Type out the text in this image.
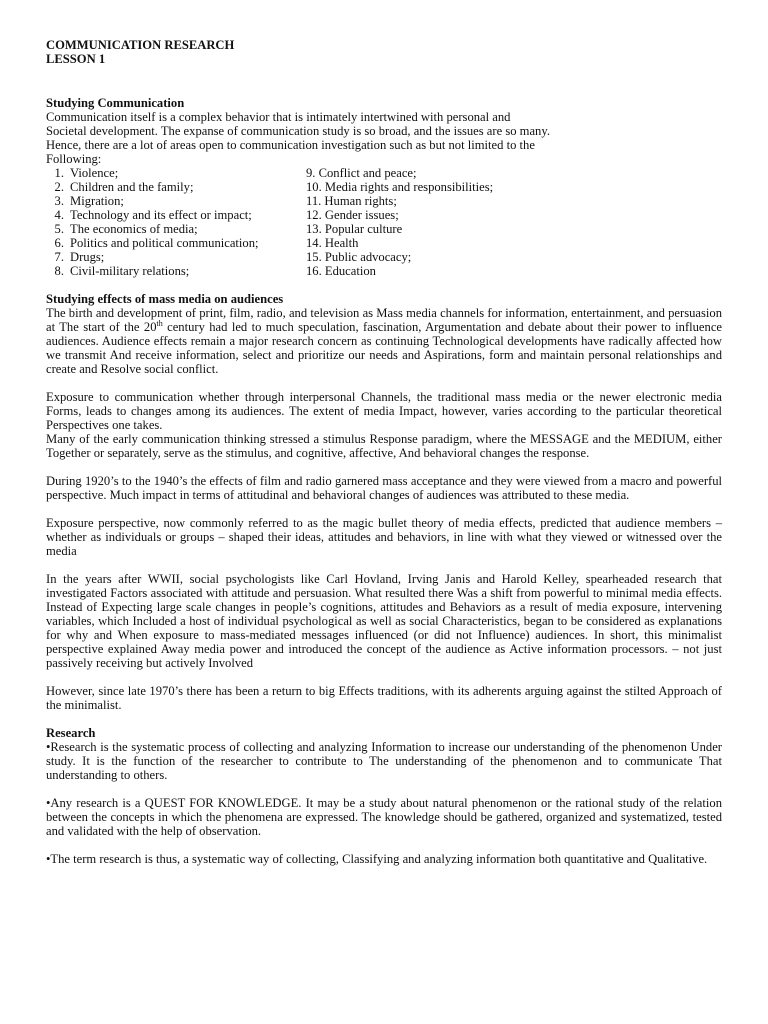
COMMUNICATION RESEARCH

LESSON 1

Studying Communication

Communication itself is a complex behavior that is intimately intertwined with personal and

Societal development. The expanse of communication study is so broad, and the issues are so many.

Hence, there are a lot of areas open to communication investigation such as but not limited to the

Following:

1. Violence;	9. Conflict and peace;
2. Children and the family;	10. Media rights and responsibilities;
3. Migration;	11. Human rights;
4. Technology and its effect or impact;	12. Gender issues;
5. The economics of media;	13. Popular culture
6. Politics and political communication;	14. Health
7. Drugs;	15. Public advocacy;
8. Civil-military relations;	16. Education

Studying effects of mass media on audiences

The birth and development of print, film, radio, and television as Mass media channels for information, entertainment, and persuasion at The start of the 20th century had led to much speculation, fascination, Argumentation and debate about their power to influence audiences. Audience effects remain a major research concern as continuing Technological developments have radically affected how we transmit And receive information, select and prioritize our needs and Aspirations, form and maintain personal relationships and create and Resolve social conflict.

Exposure to communication whether through interpersonal Channels, the traditional mass media or the newer electronic media Forms, leads to changes among its audiences. The extent of media Impact, however, varies according to the particular theoretical Perspectives one takes.

Many of the early communication thinking stressed a stimulus Response paradigm, where the MESSAGE and the MEDIUM, either Together or separately, serve as the stimulus, and cognitive, affective, And behavioral changes the response.

During 1920’s to the 1940’s the effects of film and radio garnered mass acceptance and they were viewed from a macro and powerful perspective. Much impact in terms of attitudinal and behavioral changes of audiences was attributed to these media.

Exposure perspective, now commonly referred to as the magic bullet theory of media effects, predicted that audience members – whether as individuals or groups – shaped their ideas, attitudes and behaviors, in line with what they viewed or witnessed over the media

In the years after WWII, social psychologists like Carl Hovland, Irving Janis and Harold Kelley, spearheaded research that investigated Factors associated with attitude and persuasion. What resulted there Was a shift from powerful to minimal media effects. Instead of Expecting large scale changes in people’s cognitions, attitudes and Behaviors as a result of media exposure, intervening variables, which Included a host of individual psychological as well as social Characteristics, began to be considered as explanations for why and When exposure to mass-mediated messages influenced (or did not Influence) audiences. In short, this minimalist perspective explained Away media power and introduced the concept of the audience as Active information processors. – not just passively receiving but actively Involved

However, since late 1970’s there has been a return to big Effects traditions, with its adherents arguing against the stilted Approach of the minimalist.

Research

•Research is the systematic process of collecting and analyzing Information to increase our understanding of the phenomenon Under study. It is the function of the researcher to contribute to The understanding of the phenomenon and to communicate That understanding to others.

•Any research is a QUEST FOR KNOWLEDGE. It may be a study about natural phenomenon or the rational study of the relation between the concepts in which the phenomena are expressed. The knowledge should be gathered, organized and systematized, tested and validated with the help of observation.

•The term research is thus, a systematic way of collecting, Classifying and analyzing information both quantitative and Qualitative.
